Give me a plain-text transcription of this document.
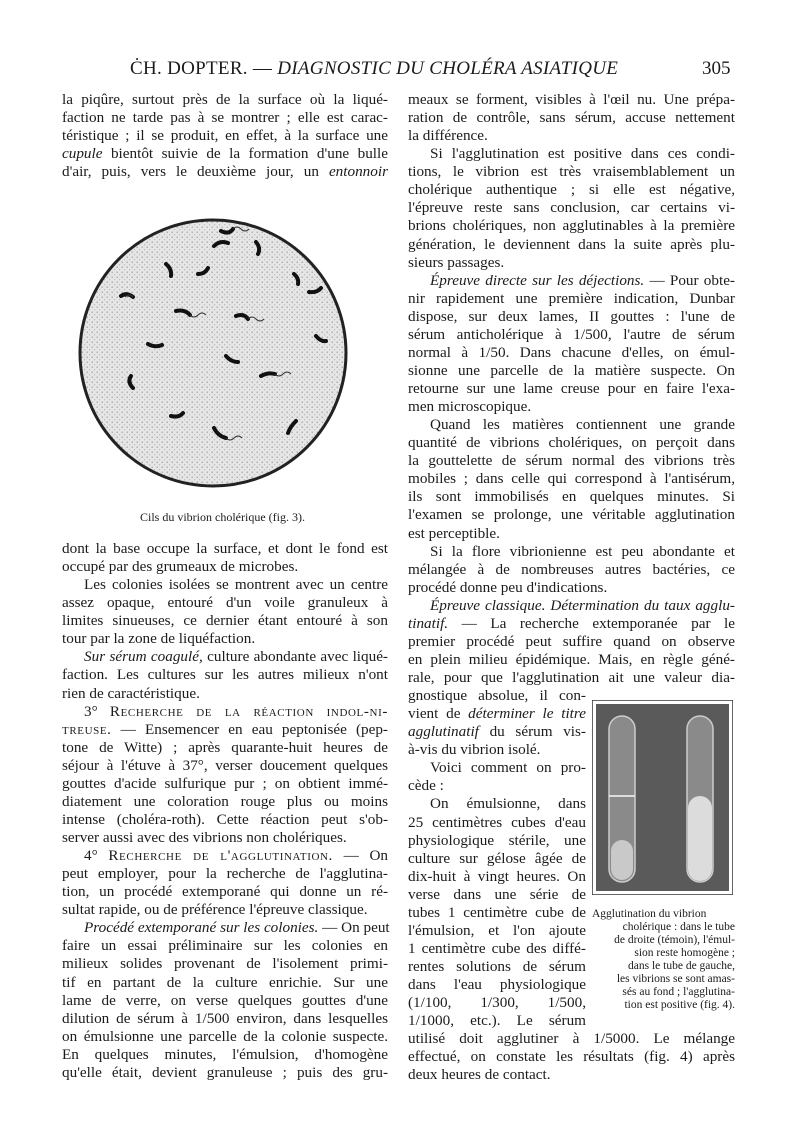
ĊH. DOPTER. — DIAGNOSTIC DU CHOLÉRA ASIATIQUE	305
la piqûre, surtout près de la surface où la liqué-
faction ne tarde pas à se montrer ; elle est carac-
téristique ; il se produit, en effet, à la surface une
cupule bientôt suivie de la formation d'une bulle
d'air, puis, vers le deuxième jour, un entonnoir
Cils du vibrion cholérique (fig. 3).
dont la base occupe la surface, et dont le fond est
occupé par des grumeaux de microbes.
Les colonies isolées se montrent avec un centre
assez opaque, entouré d'un voile granuleux à
limites sinueuses, ce dernier étant entouré à son
tour par la zone de liquéfaction.
Sur sérum coagulé, culture abondante avec liqué-
faction. Les cultures sur les autres milieux n'ont
rien de caractéristique.
3° Recherche de la réaction indol-ni-
treuse. — Ensemencer en eau peptonisée (pep-
tone de Witte) ; après quarante-huit heures de
séjour à l'étuve à 37°, verser doucement quelques
gouttes d'acide sulfurique pur ; on obtient immé-
diatement une coloration rouge plus ou moins
intense (choléra-roth). Cette réaction peut s'ob-
server aussi avec des vibrions non cholériques.
4° Recherche de l'agglutination. — On
peut employer, pour la recherche de l'agglutina-
tion, un procédé extemporané qui donne un ré-
sultat rapide, ou de préférence l'épreuve classique.
Procédé extemporané sur les colonies. — On peut
faire un essai préliminaire sur les colonies en
milieux solides provenant de l'isolement primi-
tif en partant de la culture enrichie. Sur une
lame de verre, on verse quelques gouttes d'une
dilution de sérum à 1/500 environ, dans lesquelles
on émulsionne une parcelle de la colonie suspecte.
En quelques minutes, l'émulsion, d'homogène
qu'elle était, devient granuleuse ; puis des gru-
meaux se forment, visibles à l'œil nu. Une prépa-
ration de contrôle, sans sérum, accuse nettement
la différence.
Si l'agglutination est positive dans ces condi-
tions, le vibrion est très vraisemblablement un
cholérique authentique ; si elle est négative,
l'épreuve reste sans conclusion, car certains vi-
brions cholériques, non agglutinables à la première
génération, le deviennent dans la suite après plu-
sieurs passages.
Épreuve directe sur les déjections. — Pour obte-
nir rapidement une première indication, Dunbar
dispose, sur deux lames, II gouttes : l'une de
sérum anticholérique à 1/500, l'autre de sérum
normal à 1/50. Dans chacune d'elles, on émul-
sionne une parcelle de la matière suspecte. On
retourne sur une lame creuse pour en faire l'exa-
men microscopique.
Quand les matières contiennent une grande
quantité de vibrions cholériques, on perçoit dans
la gouttelette de sérum normal des vibrions très
mobiles ; dans celle qui correspond à l'antisérum,
ils sont immobilisés en quelques minutes. Si
l'examen se prolonge, une véritable agglutination
est perceptible.
Si la flore vibrionienne est peu abondante et
mélangée à de nombreuses autres bactéries, ce
procédé donne peu d'indications.
Épreuve classique. Détermination du taux agglu-
tinatif. — La recherche extemporanée par le
premier procédé peut suffire quand on observe
en plein milieu épidémique. Mais, en règle géné-
rale, pour que l'agglutination ait une valeur dia-
gnostique absolue, il con-
vient de déterminer le titre
agglutinatif du sérum vis-
à-vis du vibrion isolé.
Voici comment on pro-
cède :
On émulsionne, dans
25 centimètres cubes d'eau
physiologique stérile, une
culture sur gélose âgée de
dix-huit à vingt heures. On
verse dans une série de
tubes 1 centimètre cube de
l'émulsion, et l'on ajoute
1 centimètre cube des diffé-
rentes solutions de sérum
dans l'eau physiologique
(1/100, 1/300, 1/500,
1/1000, etc.). Le sérum
utilisé doit agglutiner à 1/5000. Le mélange
effectué, on constate les résultats (fig. 4) après
deux heures de contact.
Agglutination du vibrion
cholérique : dans le tube
de droite (témoin), l'émul-
sion reste homogène ;
dans le tube de gauche,
les vibrions se sont amas-
sés au fond ; l'agglutina-
tion est positive (fig. 4).
